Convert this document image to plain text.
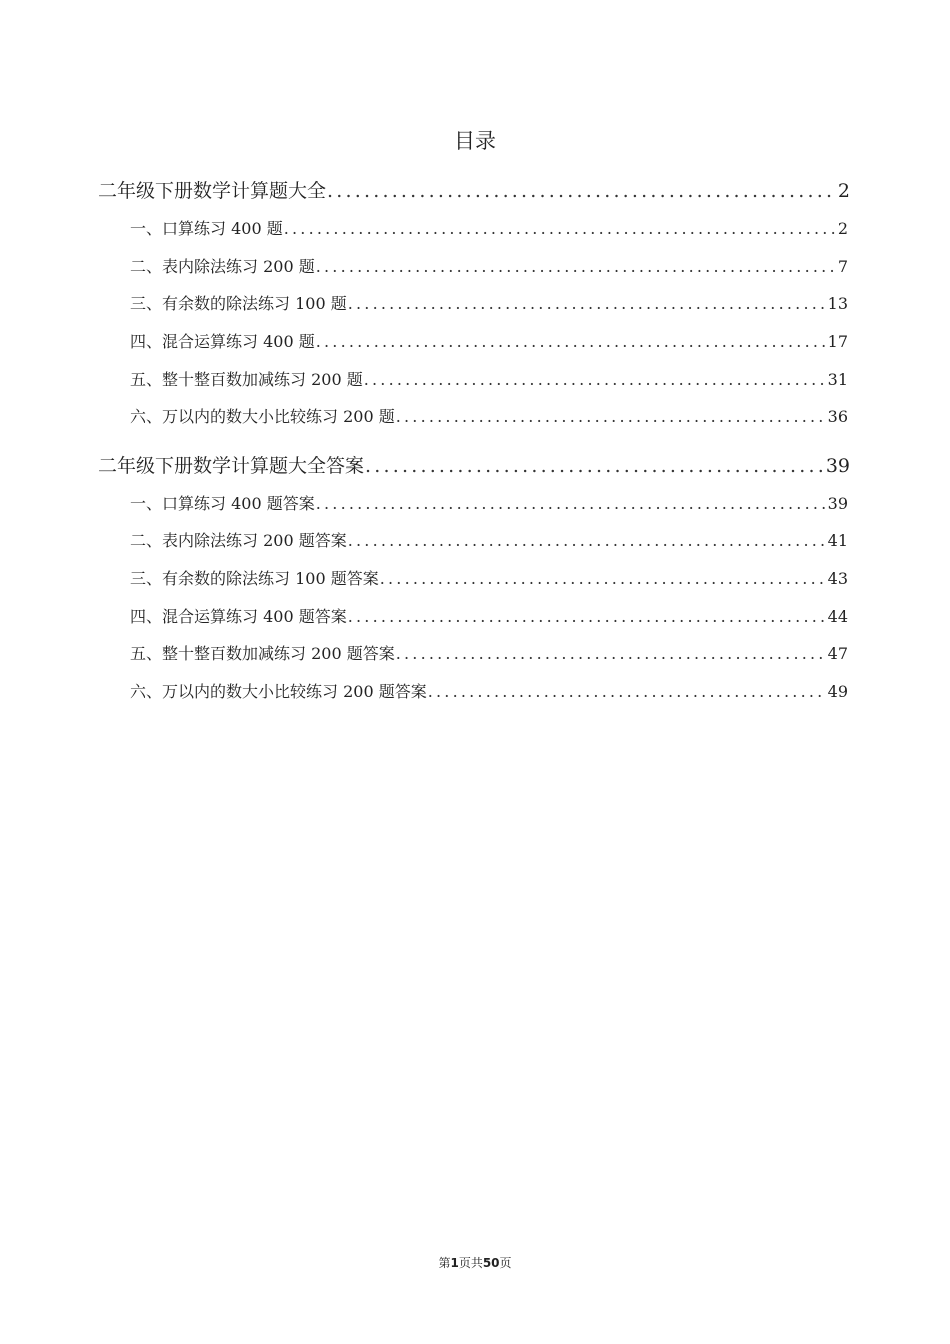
目录
二年级下册数学计算题大全 .....	2
一、口算练习 400 题 .....	2
二、表内除法练习 200 题 .....	7
三、有余数的除法练习 100 题 .....	13
四、混合运算练习 400 题 .....	17
五、整十整百数加减练习 200 题 .....	31
六、万以内的数大小比较练习 200 题 .....	36
二年级下册数学计算题大全答案 .....	39
一、口算练习 400 题答案 .....	39
二、表内除法练习 200 题答案 .....	41
三、有余数的除法练习 100 题答案 .....	43
四、混合运算练习 400 题答案 .....	44
五、整十整百数加减练习 200 题答案 .....	47
六、万以内的数大小比较练习 200 题答案 .....	49
第1页共50页
